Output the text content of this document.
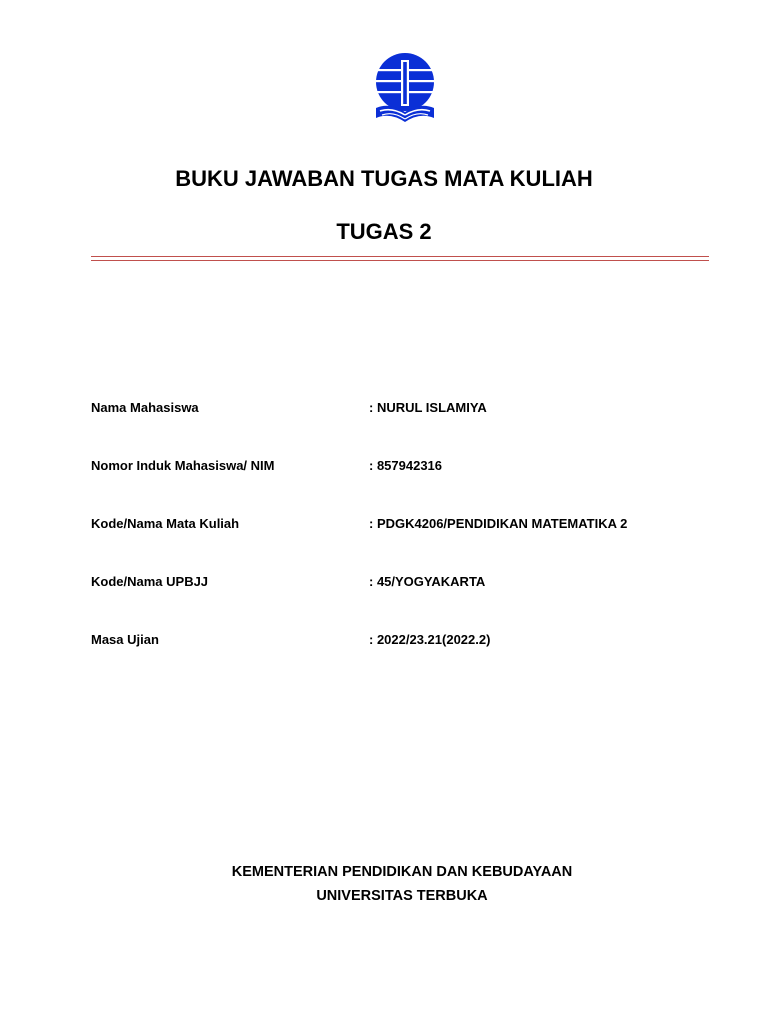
BUKU JAWABAN TUGAS MATA KULIAH
TUGAS 2
Nama Mahasiswa	: NURUL ISLAMIYA
Nomor Induk Mahasiswa/ NIM	: 857942316
Kode/Nama Mata Kuliah	: PDGK4206/PENDIDIKAN MATEMATIKA 2
Kode/Nama UPBJJ	: 45/YOGYAKARTA
Masa Ujian	: 2022/23.21(2022.2)
KEMENTERIAN PENDIDIKAN DAN KEBUDAYAAN
UNIVERSITAS TERBUKA
